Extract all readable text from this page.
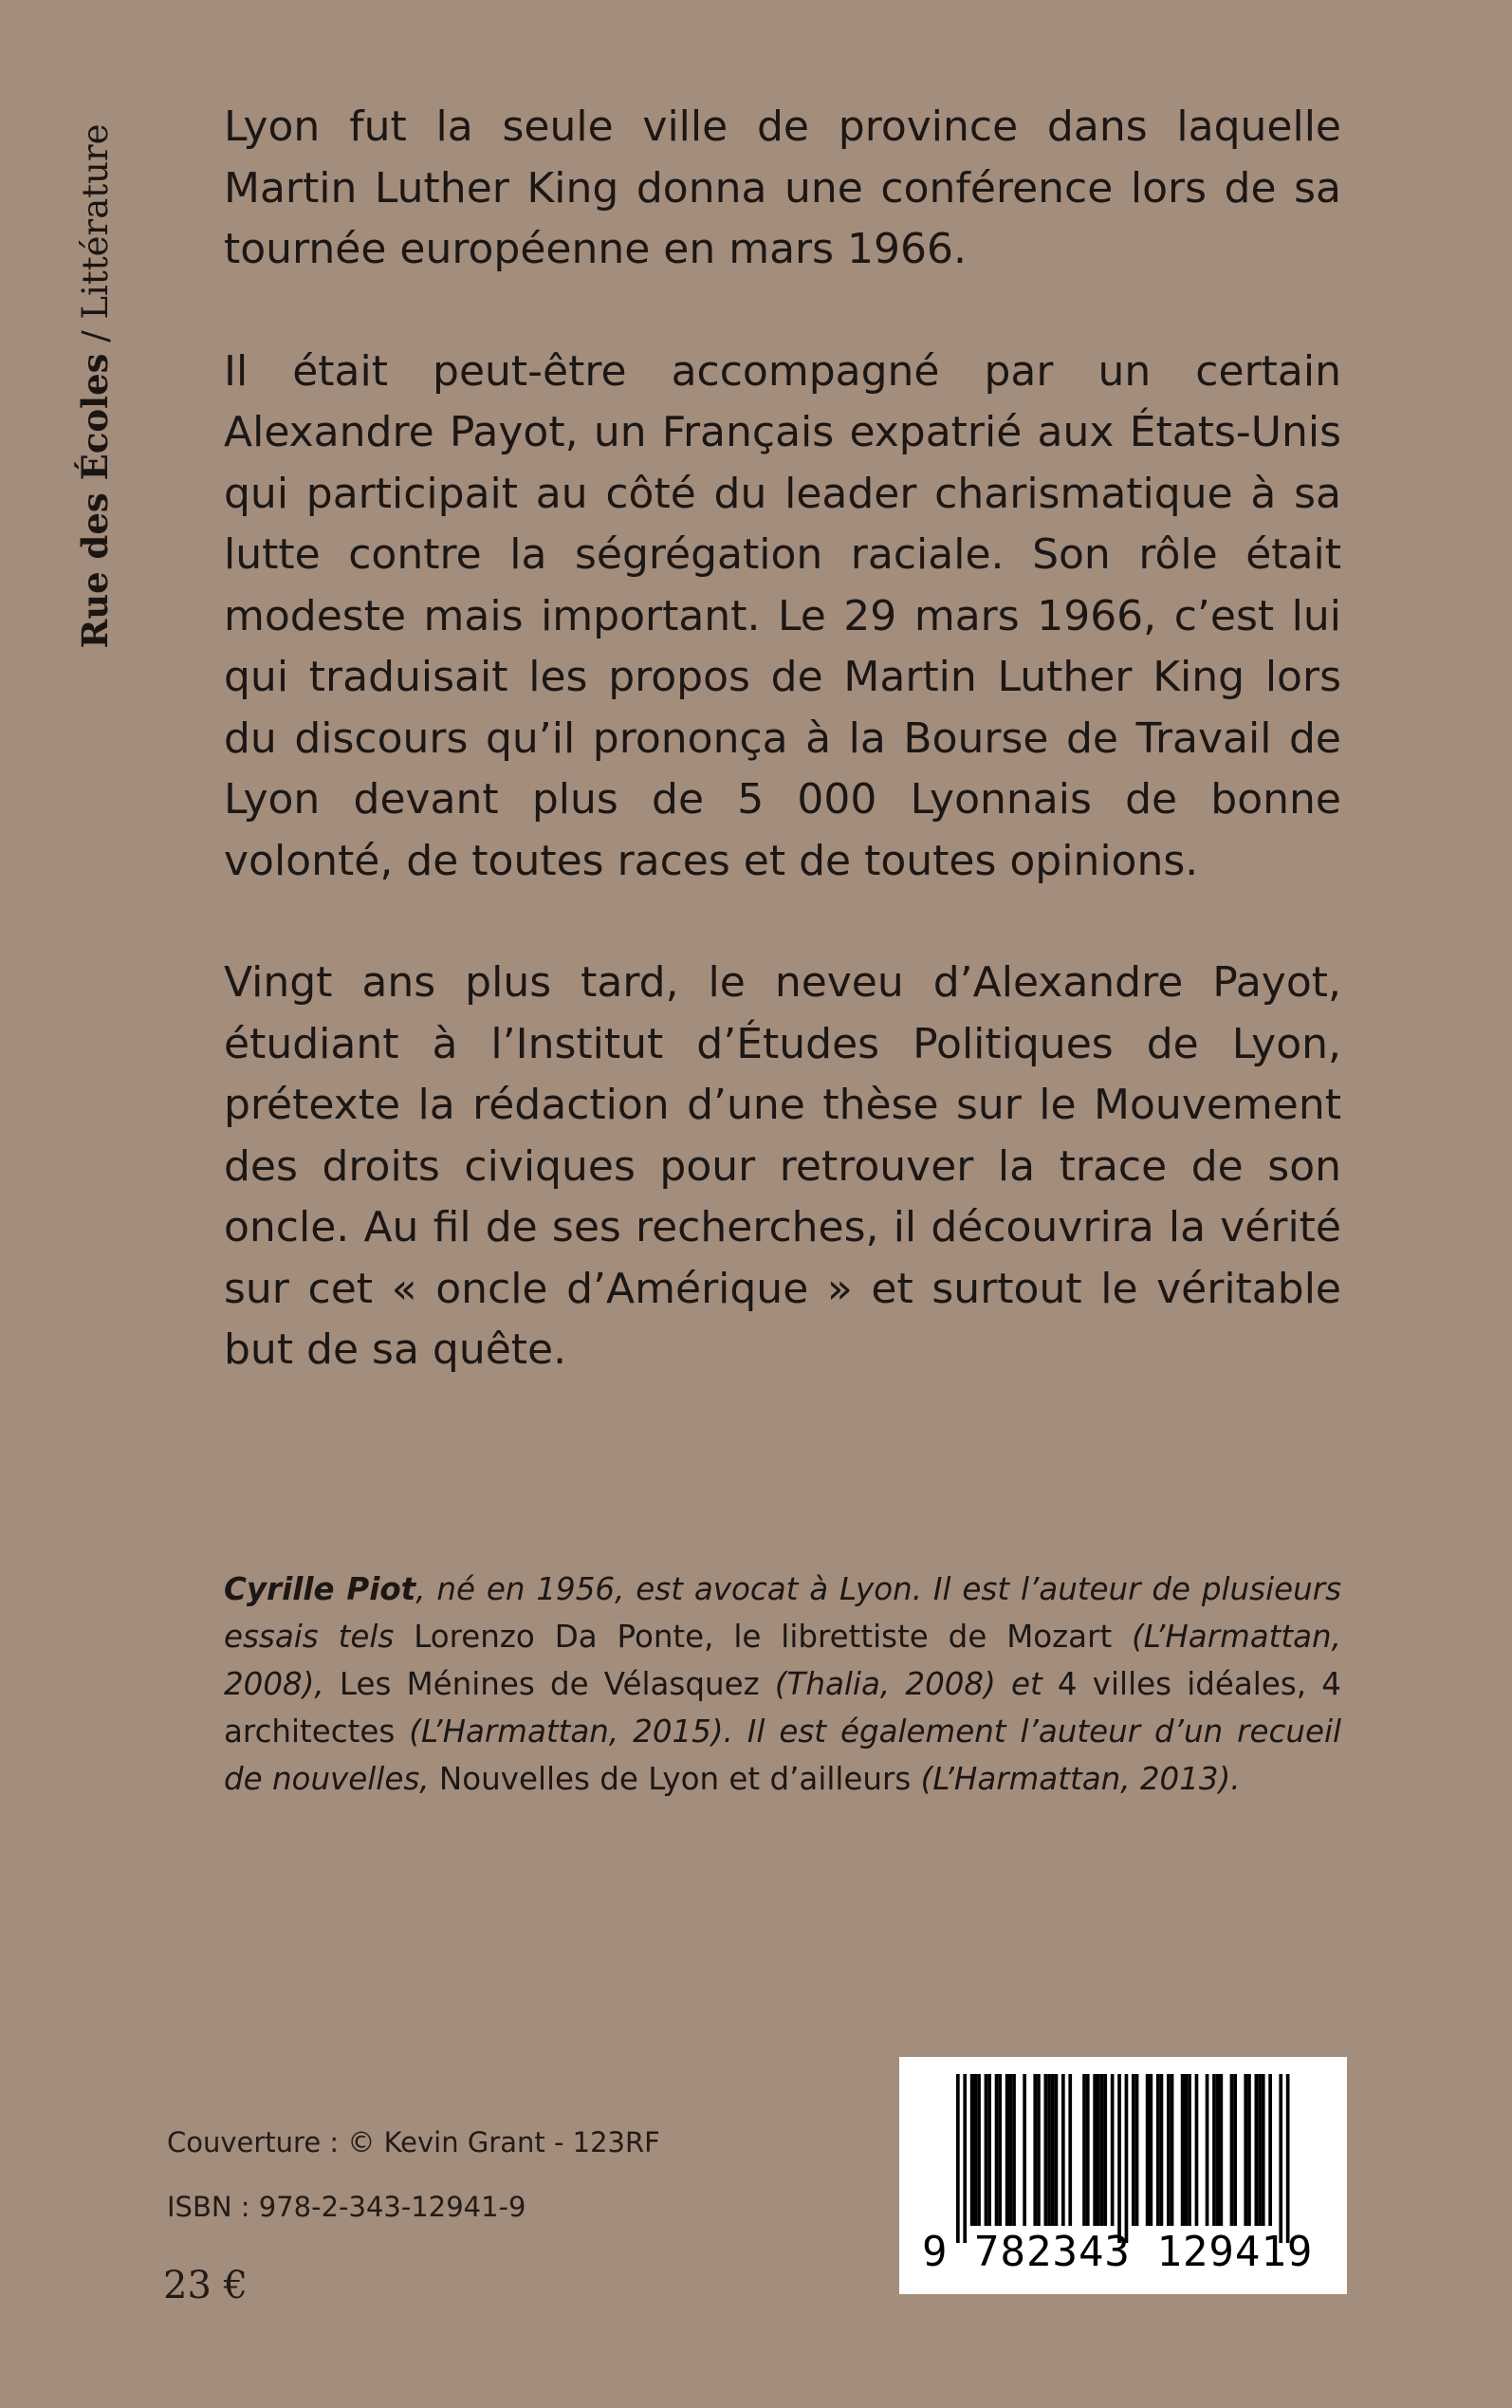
Rue des Écoles / Littérature	Lyon fut la seule ville de province dans laquelle Martin Luther King donna une conférence lors de sa tournée européenne en mars 1966.

Il était peut-être accompagné par un certain Alexandre Payot, un Français expatrié aux États-Unis qui participait au côté du leader charismatique à sa lutte contre la ségrégation raciale. Son rôle était modeste mais important. Le 29 mars 1966, c’est lui qui traduisait les propos de Martin Luther King lors du discours qu’il prononça à la Bourse de Travail de Lyon devant plus de 5 000 Lyonnais de bonne volonté, de toutes races et de toutes opinions.

Vingt ans plus tard, le neveu d’Alexandre Payot, étudiant à l’Institut d’Études Politiques de Lyon, prétexte la rédaction d’une thèse sur le Mouvement des droits civiques pour retrouver la trace de son oncle. Au fil de ses recherches, il découvrira la vérité sur cet « oncle d’Amérique » et surtout le véritable but de sa quête.

Cyrille Piot, né en 1956, est avocat à Lyon. Il est l’auteur de plusieurs essais tels Lorenzo Da Ponte, le librettiste de Mozart (L’Harmattan, 2008), Les Ménines de Vélasquez (Thalia, 2008) et 4 villes idéales, 4 architectes (L’Harmattan, 2015). Il est également l’auteur d’un recueil de nouvelles, Nouvelles de Lyon et d’ailleurs (L’Harmattan, 2013).

Couverture : © Kevin Grant - 123RF
ISBN : 978-2-343-12941-9
23 €
9 782343 129419
